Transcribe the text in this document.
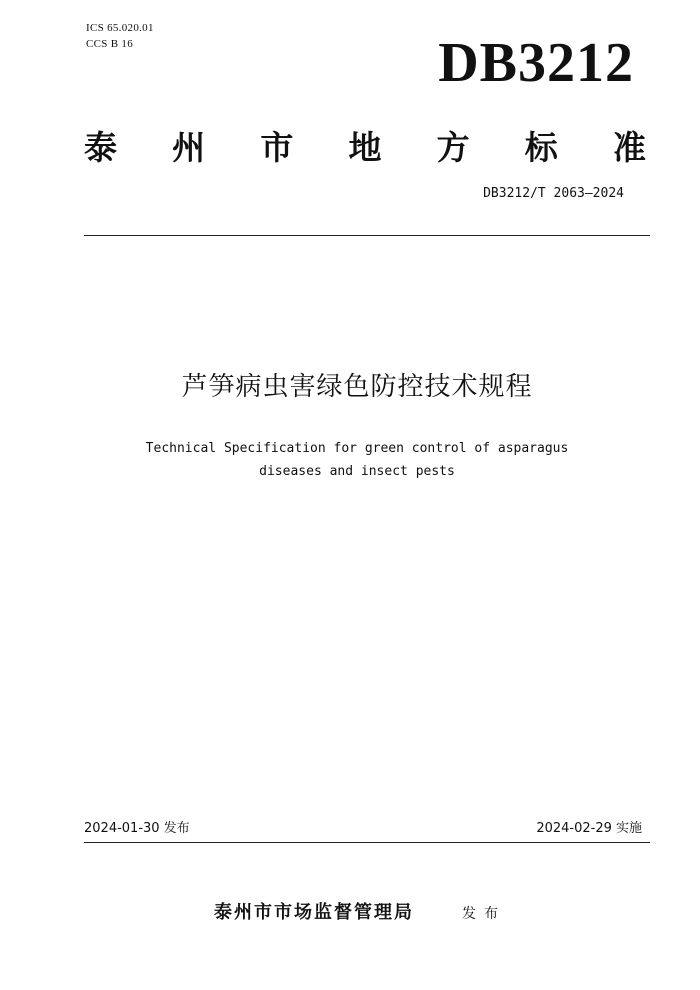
ICS 65.020.01
CCS B 16	DB3212
泰 州 市 地 方 标 准
DB3212/T 2063—2024
芦笋病虫害绿色防控技术规程
Technical Specification for green control of asparagus
diseases and insect pests
2024-01-30 发布	2024-02-29 实施
泰州市市场监督管理局	发布
